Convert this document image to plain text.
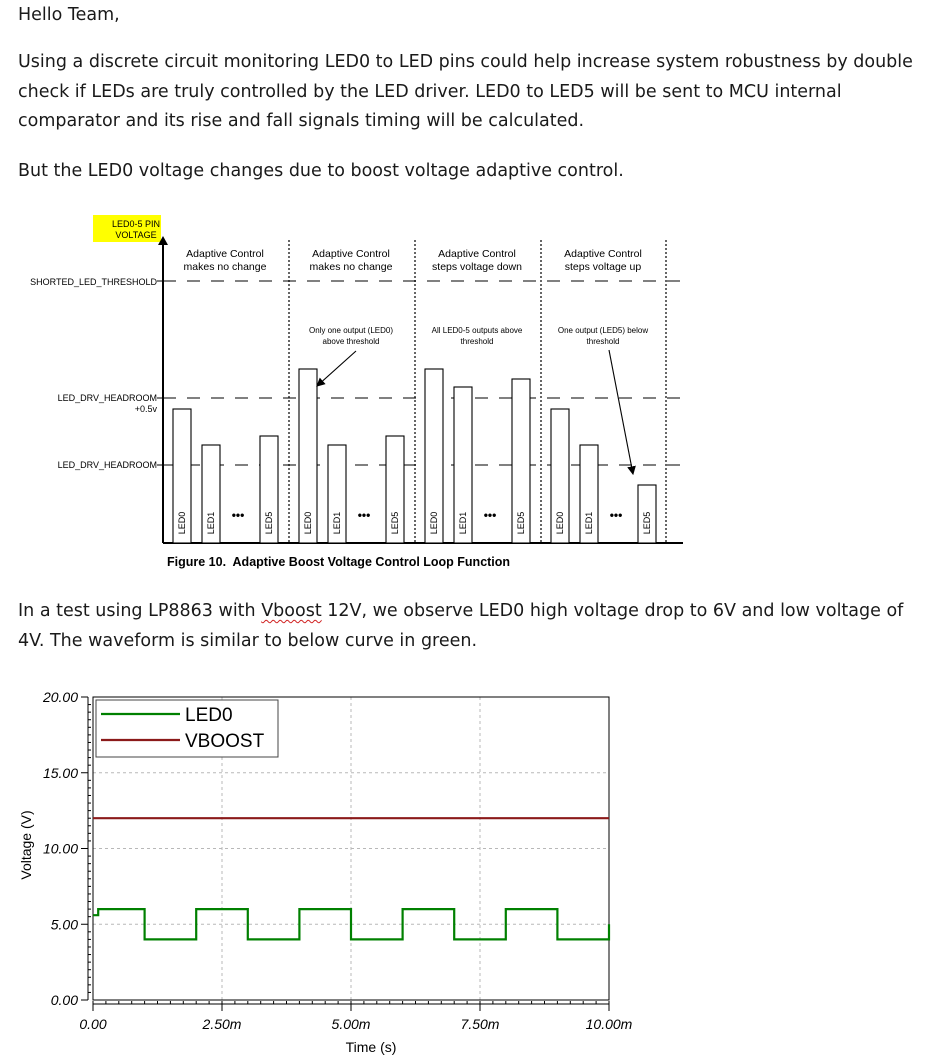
Hello Team,

Using a discrete circuit monitoring LED0 to LED pins could help increase system robustness by double check if LEDs are truly controlled by the LED driver. LED0 to LED5 will be sent to MCU internal comparator and its rise and fall signals timing will be calculated.

But the LED0 voltage changes due to boost voltage adaptive control.

In a test using LP8863 with Vboost 12V, we observe LED0 high voltage drop to 6V and low voltage of 4V. The waveform is similar to below curve in green.

LED0-5 PIN
VOLTAGE
SHORTED_LED_THRESHOLD
LED_DRV_HEADROOM
+0.5v
LED_DRV_HEADROOM
Adaptive Control
makes no change
LED0 LED1	LED5
•••
Adaptive Control
makes no change
Only one output (LED0)
above threshold
LED0 LED1	LED5
•••
Adaptive Control
steps voltage down
All LED0-5 outputs above
threshold
LED0 LED1	LED5
•••
Adaptive Control
steps voltage up
One output (LED5) below
threshold
LED0 LED1	LED5
•••
Figure 10.  Adaptive Boost Voltage Control Loop Function
0.00
5.00
10.00
15.00
20.00
0.00	2.50m	5.00m	7.50m	10.00m
LED0
VBOOST
Time (s)
Voltage (V)
